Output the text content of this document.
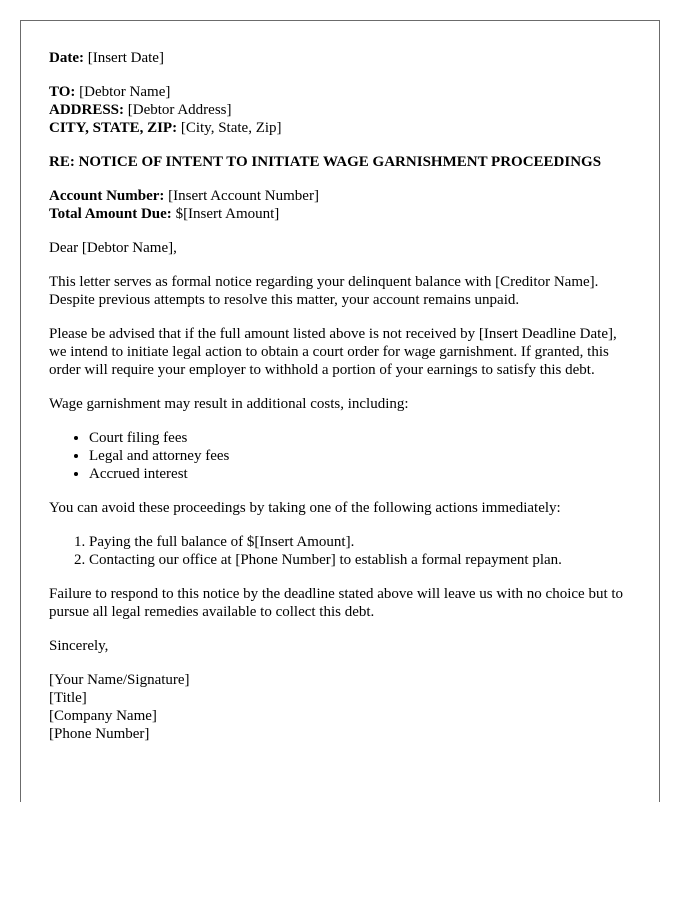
Date: [Insert Date]

TO: [Debtor Name]
ADDRESS: [Debtor Address]
CITY, STATE, ZIP: [City, State, Zip]

RE: NOTICE OF INTENT TO INITIATE WAGE GARNISHMENT PROCEEDINGS

Account Number: [Insert Account Number]
Total Amount Due: $[Insert Amount]

Dear [Debtor Name],

This letter serves as formal notice regarding your delinquent balance with [Creditor Name]. Despite previous attempts to resolve this matter, your account remains unpaid.

Please be advised that if the full amount listed above is not received by [Insert Deadline Date], we intend to initiate legal action to obtain a court order for wage garnishment. If granted, this order will require your employer to withhold a portion of your earnings to satisfy this debt.

Wage garnishment may result in additional costs, including:

• Court filing fees
• Legal and attorney fees
• Accrued interest

You can avoid these proceedings by taking one of the following actions immediately:

1. Paying the full balance of $[Insert Amount].
2. Contacting our office at [Phone Number] to establish a formal repayment plan.

Failure to respond to this notice by the deadline stated above will leave us with no choice but to pursue all legal remedies available to collect this debt.

Sincerely,

[Your Name/Signature]
[Title]
[Company Name]
[Phone Number]
